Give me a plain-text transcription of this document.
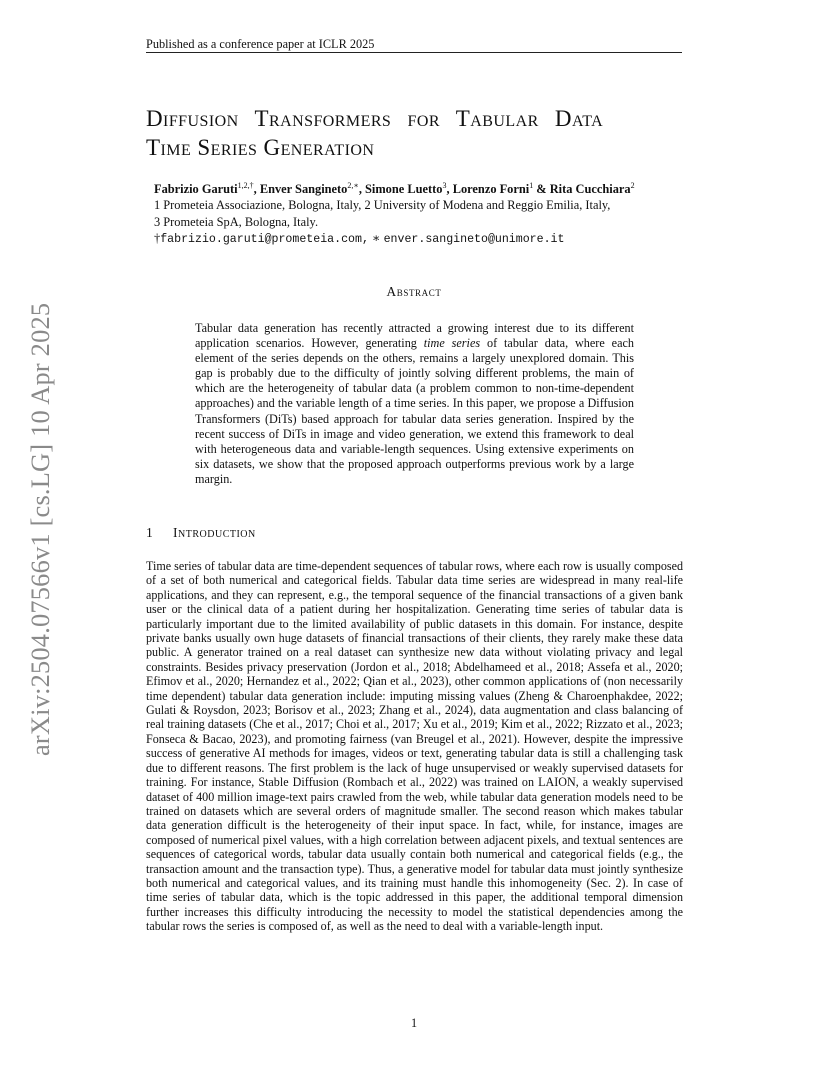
Published as a conference paper at ICLR 2025
arXiv:2504.07566v1 [cs.LG] 10 Apr 2025
Diffusion Transformers for Tabular Data
Time Series Generation
Fabrizio Garuti$^{1,2,\dagger}$, Enver Sangineto$^{2,∗}$, Simone Luetto$^3$, Lorenzo Forni$^1$ & Rita Cucchiara$^2$
1 Prometeia Associazione, Bologna, Italy, 2 University of Modena and Reggio Emilia, Italy,
3 Prometeia SpA, Bologna, Italy.
†fabrizio.garuti@prometeia.com, ∗ enver.sangineto@unimore.it
Abstract
Tabular data generation has recently attracted a growing interest due to its different application scenarios. However, generating time series of tabular data, where each element of the series depends on the others, remains a largely unexplored domain. This gap is probably due to the difficulty of jointly solving different problems, the main of which are the heterogeneity of tabular data (a problem common to non-time-dependent approaches) and the variable length of a time series. In this paper, we propose a Diffusion Transformers (DiTs) based approach for tabular data series generation. Inspired by the recent success of DiTs in image and video generation, we extend this framework to deal with heterogeneous data and variable-length sequences. Using extensive experiments on six datasets, we show that the proposed approach outperforms previous work by a large margin.
1 Introduction
Time series of tabular data are time-dependent sequences of tabular rows, where each row is usually composed of a set of both numerical and categorical fields. Tabular data time series are widespread in many real-life applications, and they can represent, e.g., the temporal sequence of the financial transactions of a given bank user or the clinical data of a patient during her hospitalization. Generating time series of tabular data is particularly important due to the limited availability of public datasets in this domain. For instance, despite private banks usually own huge datasets of financial transactions of their clients, they rarely make these data public. A generator trained on a real dataset can synthesize new data without violating privacy and legal constraints. Besides privacy preservation (Jordon et al., 2018; Abdelhameed et al., 2018; Assefa et al., 2020; Efimov et al., 2020; Hernandez et al., 2022; Qian et al., 2023), other common applications of (non necessarily time dependent) tabular data generation include: imputing missing values (Zheng & Charoenphakdee, 2022; Gulati & Roysdon, 2023; Borisov et al., 2023; Zhang et al., 2024), data augmentation and class balancing of real training datasets (Che et al., 2017; Choi et al., 2017; Xu et al., 2019; Kim et al., 2022; Rizzato et al., 2023; Fonseca & Bacao, 2023), and promoting fairness (van Breugel et al., 2021). However, despite the impressive success of generative AI methods for images, videos or text, generating tabular data is still a challenging task due to different reasons. The first problem is the lack of huge unsupervised or weakly supervised datasets for training. For instance, Stable Diffusion (Rombach et al., 2022) was trained on LAION, a weakly supervised dataset of 400 million image-text pairs crawled from the web, while tabular data generation models need to be trained on datasets which are several orders of magnitude smaller. The second reason which makes tabular data generation difficult is the heterogeneity of their input space. In fact, while, for instance, images are composed of numerical pixel values, with a high correlation between adjacent pixels, and textual sentences are sequences of categorical words, tabular data usually contain both numerical and categorical fields (e.g., the transaction amount and the transaction type). Thus, a generative model for tabular data must jointly synthesize both numerical and categorical values, and its training must handle this inhomogeneity (Sec. 2). In case of time series of tabular data, which is the topic addressed in this paper, the additional temporal dimension further increases this difficulty introducing the necessity to model the statistical dependencies among the tabular rows the series is composed of, as well as the need to deal with a variable-length input.
1
